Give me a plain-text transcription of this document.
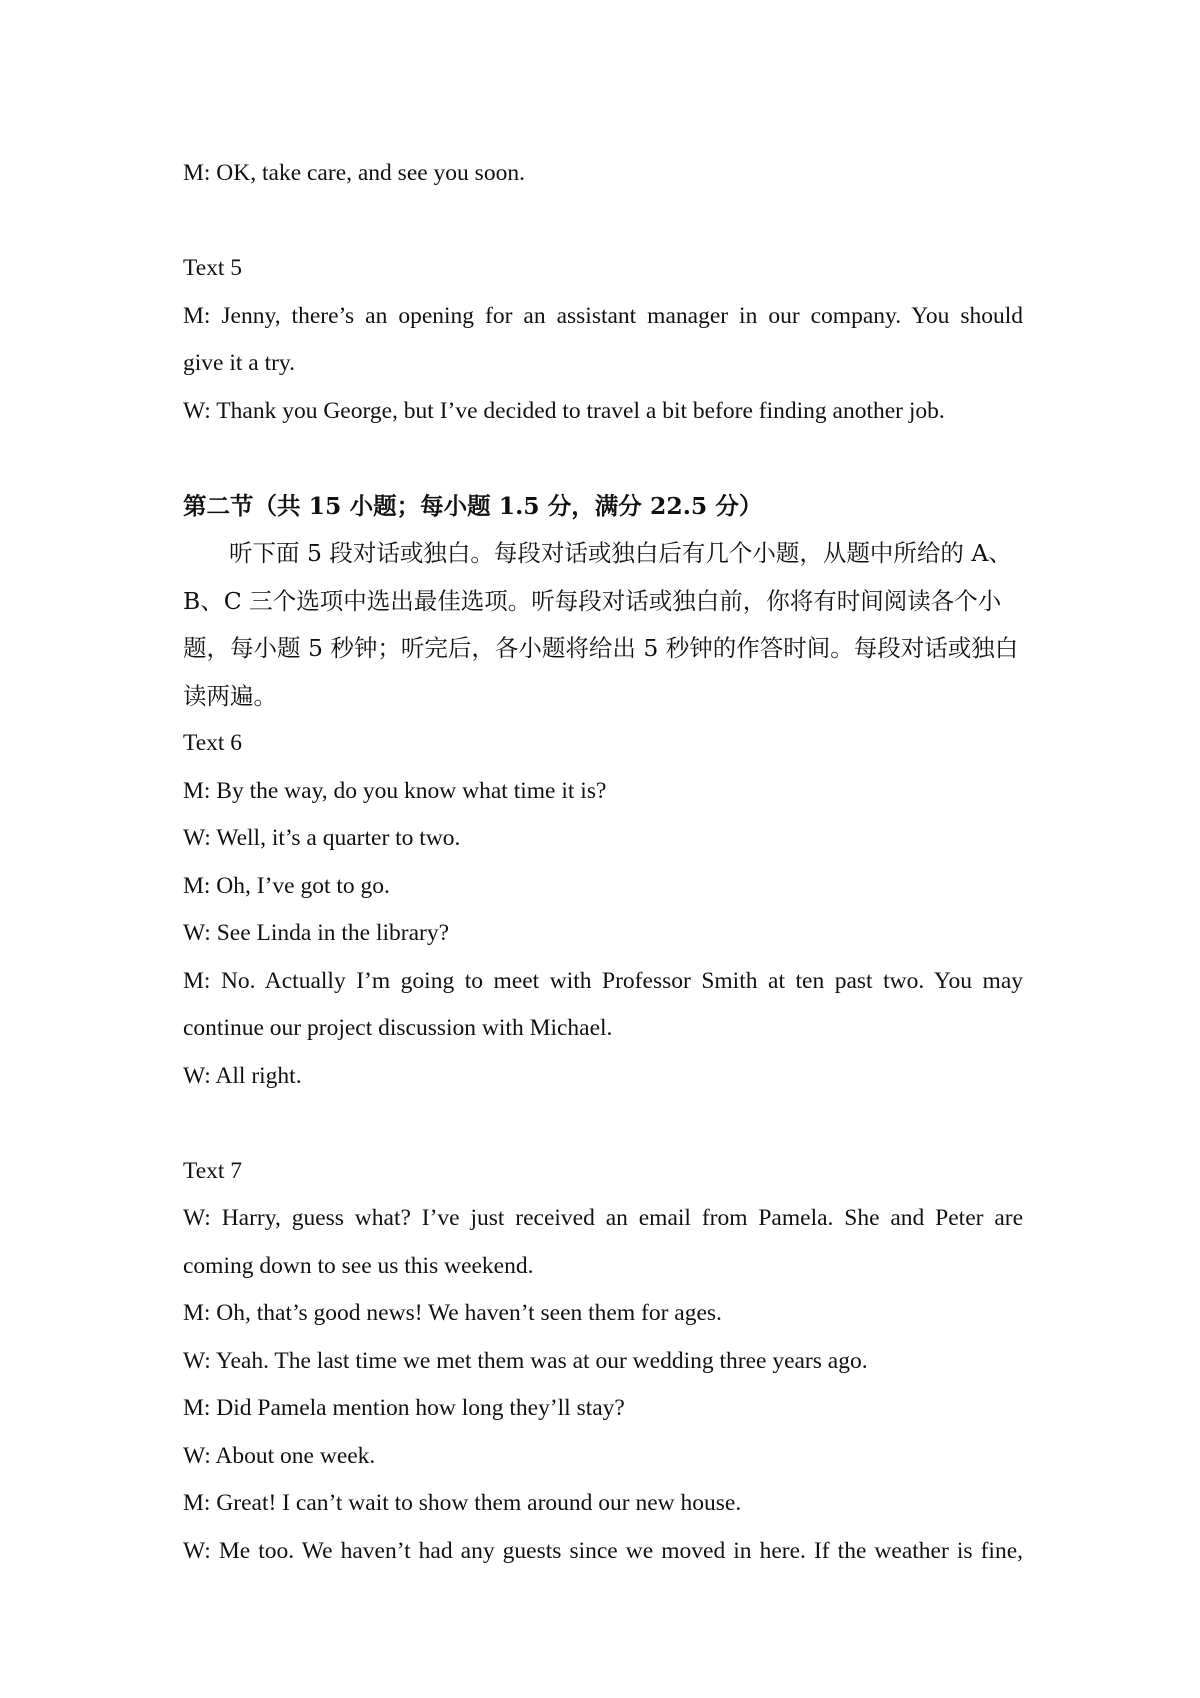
M: OK, take care, and see you soon.

Text 5

M: Jenny, there’s an opening for an assistant manager in our company. You should

give it a try.

W: Thank you George, but I’ve decided to travel a bit before finding another job.

第二节（共 15 小题；每小题 1.5 分，满分 22.5 分）

听下面 5 段对话或独白。每段对话或独白后有几个小题，从题中所给的 A、

B、C 三个选项中选出最佳选项。听每段对话或独白前，你将有时间阅读各个小

题，每小题 5 秒钟；听完后，各小题将给出 5 秒钟的作答时间。每段对话或独白

读两遍。

Text 6

M: By the way, do you know what time it is?

W: Well, it’s a quarter to two.

M: Oh, I’ve got to go.

W: See Linda in the library?

M: No. Actually I’m going to meet with Professor Smith at ten past two. You may

continue our project discussion with Michael.

W: All right.

Text 7

W: Harry, guess what? I’ve just received an email from Pamela. She and Peter are

coming down to see us this weekend.

M: Oh, that’s good news! We haven’t seen them for ages.

W: Yeah. The last time we met them was at our wedding three years ago.

M: Did Pamela mention how long they’ll stay?

W: About one week.

M: Great! I can’t wait to show them around our new house.

W: Me too. We haven’t had any guests since we moved in here. If the weather is fine,
